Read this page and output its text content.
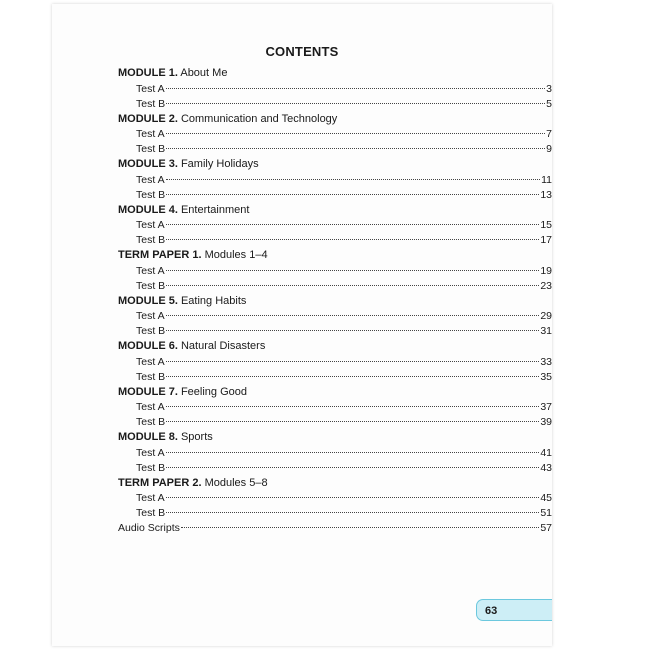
CONTENTS
MODULE 1. About Me
Test A	3
Test B	5
MODULE 2. Communication and Technology
Test A	7
Test B	9
MODULE 3. Family Holidays
Test A	11
Test B	13
MODULE 4. Entertainment
Test A	15
Test B	17
TERM PAPER 1. Modules 1–4
Test A	19
Test B	23
MODULE 5. Eating Habits
Test A	29
Test B	31
MODULE 6. Natural Disasters
Test A	33
Test B	35
MODULE 7. Feeling Good
Test A	37
Test B	39
MODULE 8. Sports
Test A	41
Test B	43
TERM PAPER 2. Modules 5–8
Test A	45
Test B	51
Audio Scripts	57
63
